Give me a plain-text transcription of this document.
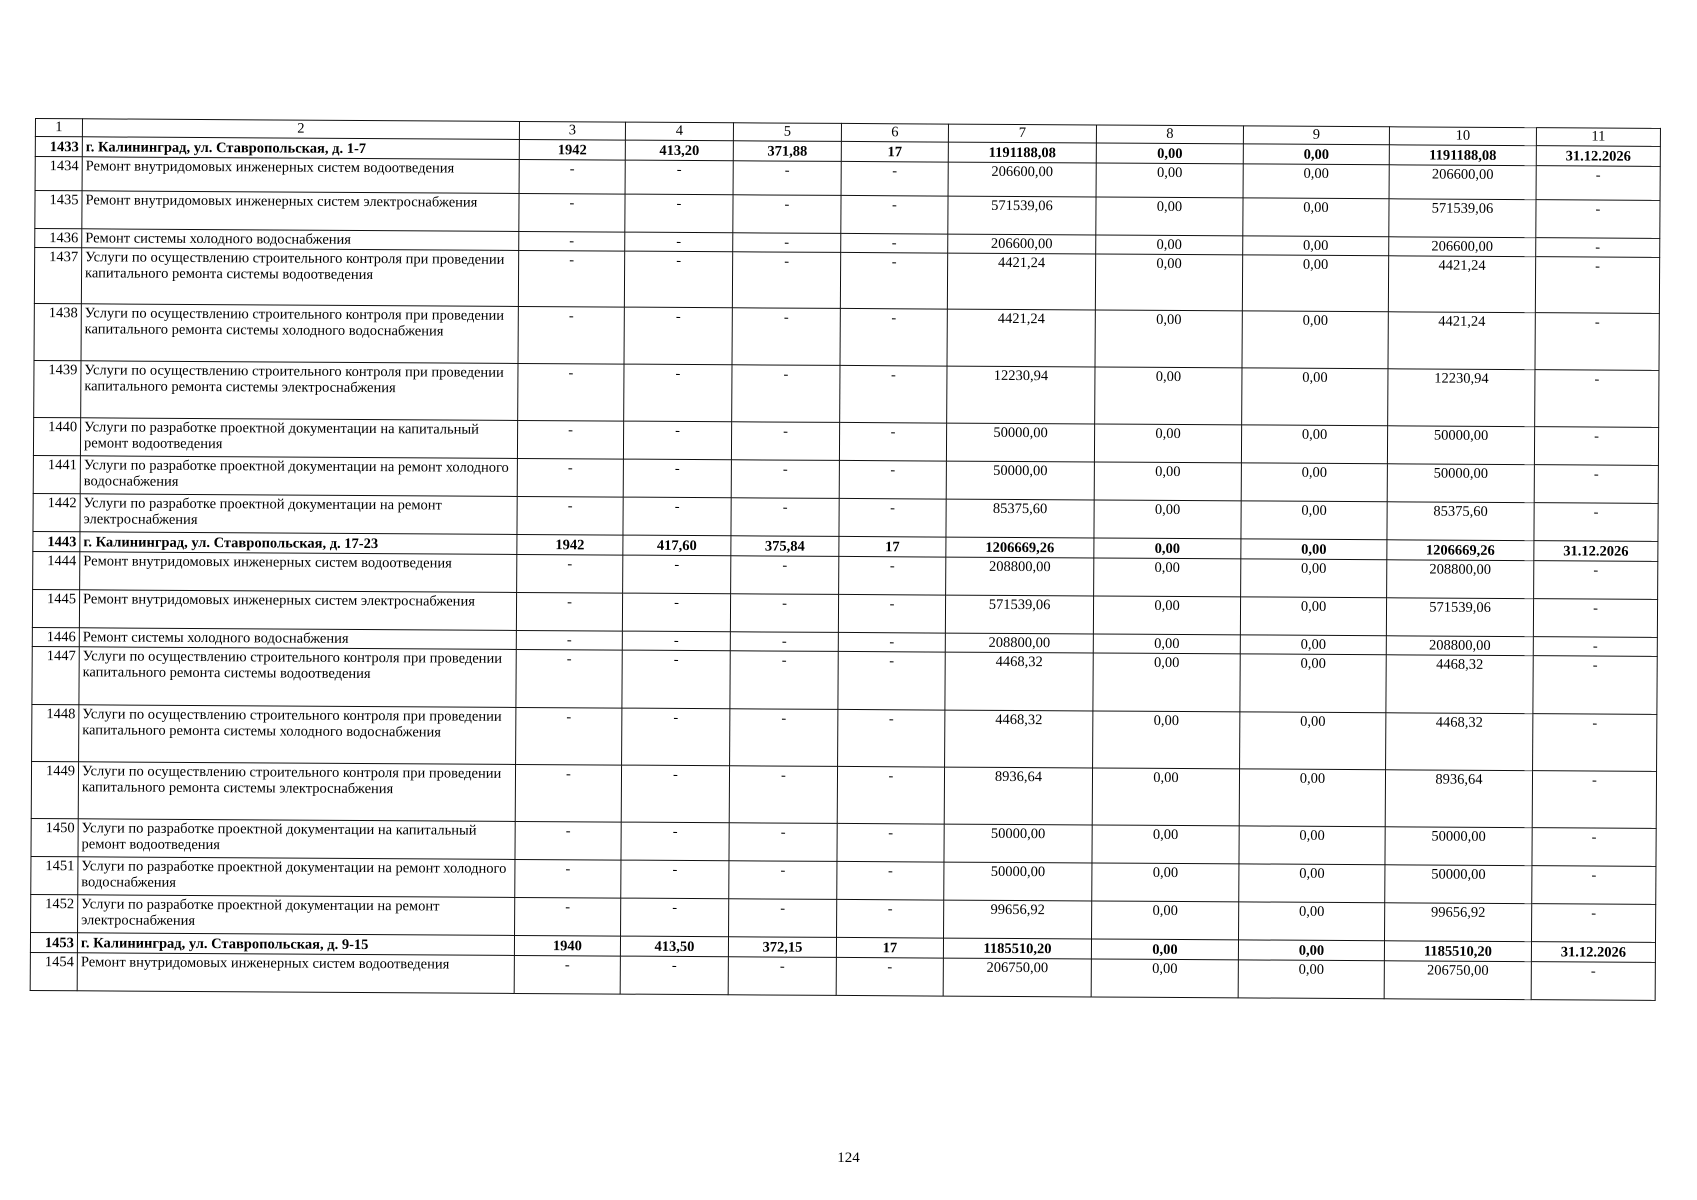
1	2	3	4	5	6	7	8	9	10	11
1433	г. Калининград, ул. Ставропольская, д. 1-7	1942	413,20	371,88	17	1191188,08	0,00	0,00	1191188,08	31.12.2026
1434	Ремонт внутридомовых инженерных систем водоотведения	-	-	-	-	206600,00	0,00	0,00	206600,00	-
1435	Ремонт внутридомовых инженерных систем электроснабжения	-	-	-	-	571539,06	0,00	0,00	571539,06	-
1436	Ремонт системы холодного водоснабжения	-	-	-	-	206600,00	0,00	0,00	206600,00	-
1437	Услуги по осуществлению строительного контроля при проведении капитального ремонта системы водоотведения	-	-	-	-	4421,24	0,00	0,00	4421,24	-
1438	Услуги по осуществлению строительного контроля при проведении капитального ремонта системы холодного водоснабжения	-	-	-	-	4421,24	0,00	0,00	4421,24	-
1439	Услуги по осуществлению строительного контроля при проведении капитального ремонта системы электроснабжения	-	-	-	-	12230,94	0,00	0,00	12230,94	-
1440	Услуги по разработке проектной документации на капитальный ремонт водоотведения	-	-	-	-	50000,00	0,00	0,00	50000,00	-
1441	Услуги по разработке проектной документации на ремонт холодного водоснабжения	-	-	-	-	50000,00	0,00	0,00	50000,00	-
1442	Услуги по разработке проектной документации на ремонт электроснабжения	-	-	-	-	85375,60	0,00	0,00	85375,60	-
1443	г. Калининград, ул. Ставропольская, д. 17-23	1942	417,60	375,84	17	1206669,26	0,00	0,00	1206669,26	31.12.2026
1444	Ремонт внутридомовых инженерных систем водоотведения	-	-	-	-	208800,00	0,00	0,00	208800,00	-
1445	Ремонт внутридомовых инженерных систем электроснабжения	-	-	-	-	571539,06	0,00	0,00	571539,06	-
1446	Ремонт системы холодного водоснабжения	-	-	-	-	208800,00	0,00	0,00	208800,00	-
1447	Услуги по осуществлению строительного контроля при проведении капитального ремонта системы водоотведения	-	-	-	-	4468,32	0,00	0,00	4468,32	-
1448	Услуги по осуществлению строительного контроля при проведении капитального ремонта системы холодного водоснабжения	-	-	-	-	4468,32	0,00	0,00	4468,32	-
1449	Услуги по осуществлению строительного контроля при проведении капитального ремонта системы электроснабжения	-	-	-	-	8936,64	0,00	0,00	8936,64	-
1450	Услуги по разработке проектной документации на капитальный ремонт водоотведения	-	-	-	-	50000,00	0,00	0,00	50000,00	-
1451	Услуги по разработке проектной документации на ремонт холодного водоснабжения	-	-	-	-	50000,00	0,00	0,00	50000,00	-
1452	Услуги по разработке проектной документации на ремонт электроснабжения	-	-	-	-	99656,92	0,00	0,00	99656,92	-
1453	г. Калининград, ул. Ставропольская, д. 9-15	1940	413,50	372,15	17	1185510,20	0,00	0,00	1185510,20	31.12.2026
1454	Ремонт внутридомовых инженерных систем водоотведения	-	-	-	-	206750,00	0,00	0,00	206750,00	-
124
